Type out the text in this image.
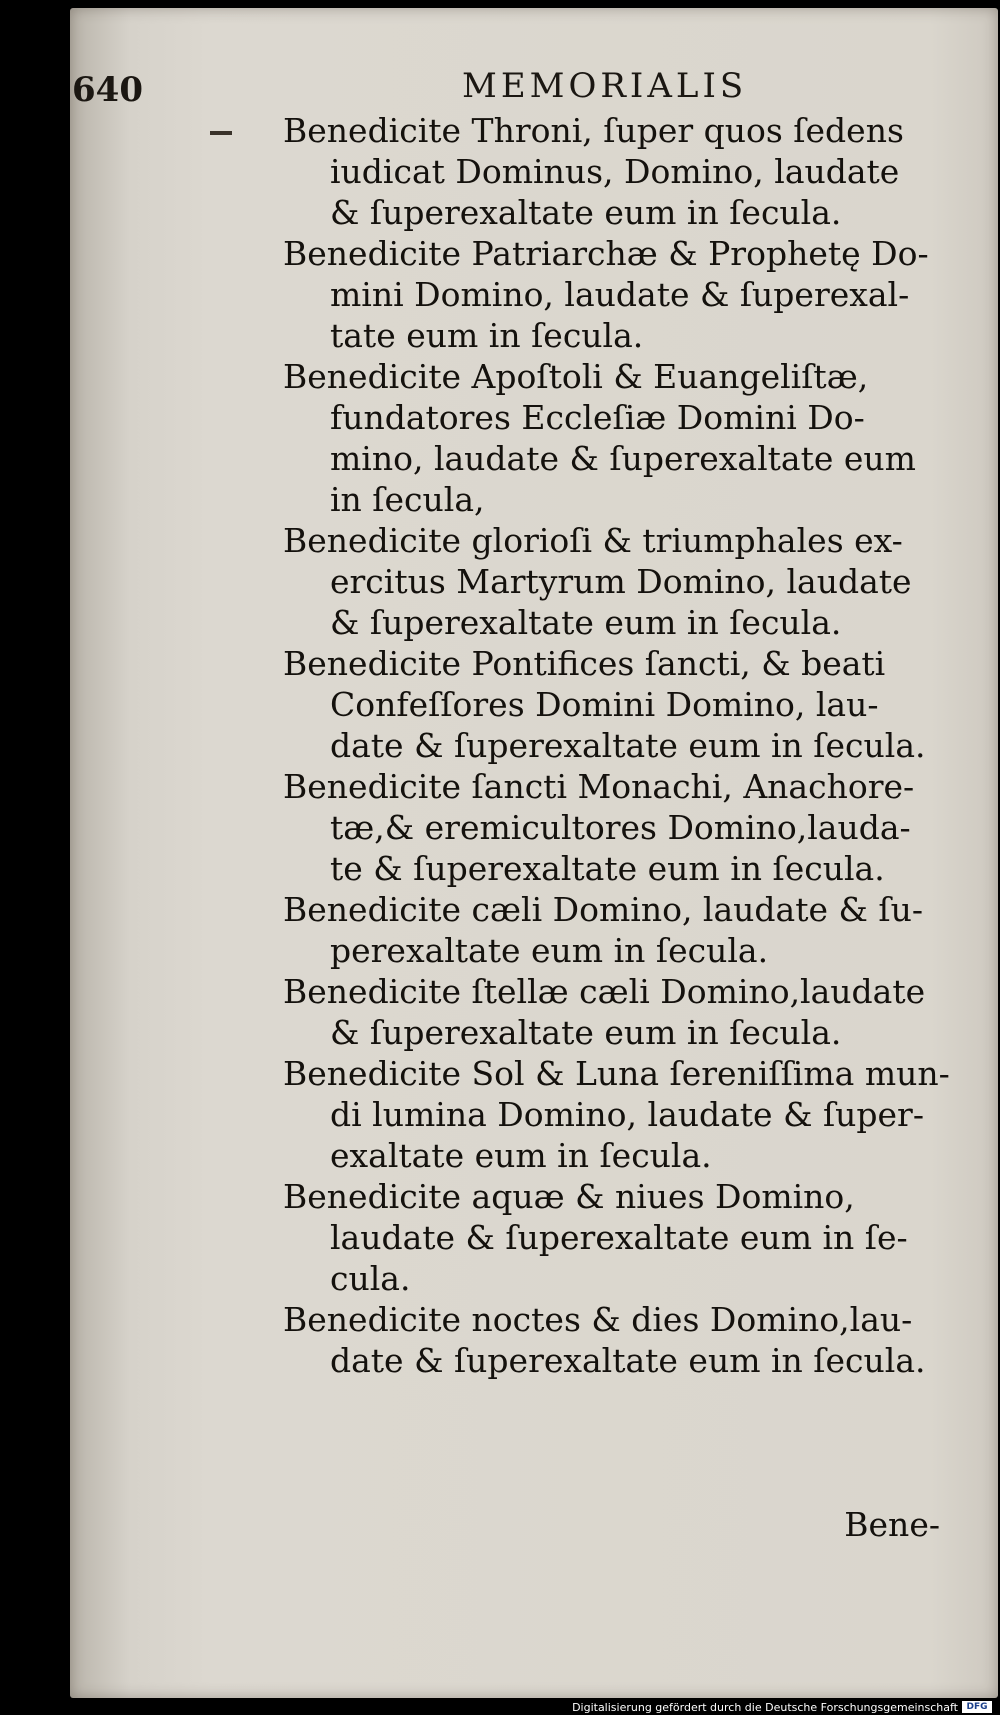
640	MEMORIALIS

Benedicite Throni, ſuper quos ſedens
iudicat Dominus, Domino, laudate
& ſuperexaltate eum in ſecula.

Benedicite Patriarchæ & Prophetę Do-
mini Domino, laudate & ſuperexal-
tate eum in ſecula.

Benedicite Apoſtoli & Euangeliſtæ,
fundatores Eccleſiæ Domini Do-
mino, laudate & ſuperexaltate eum
in ſecula,

Benedicite glorioſi & triumphales ex-
ercitus Martyrum Domino, laudate
& ſuperexaltate eum in ſecula.

Benedicite Pontifices ſancti, & beati
Confeſſores Domini Domino, lau-
date & ſuperexaltate eum in ſecula.

Benedicite ſancti Monachi, Anachore-
tæ,& eremicultores Domino,lauda-
te & ſuperexaltate eum in ſecula.

Benedicite cæli Domino, laudate & ſu-
perexaltate eum in ſecula.

Benedicite ſtellæ cæli Domino,laudate
& ſuperexaltate eum in ſecula.

Benedicite Sol & Luna ſereniſſima mun-
di lumina Domino, laudate & ſuper-
exaltate eum in ſecula.

Benedicite aquæ & niues Domino,
laudate & ſuperexaltate eum in ſe-
cula.

Benedicite noctes & dies Domino,lau-
date & ſuperexaltate eum in ſecula.

Bene-
Digitalisierung gefördert durch die Deutsche Forschungsgemeinschaft DFG
